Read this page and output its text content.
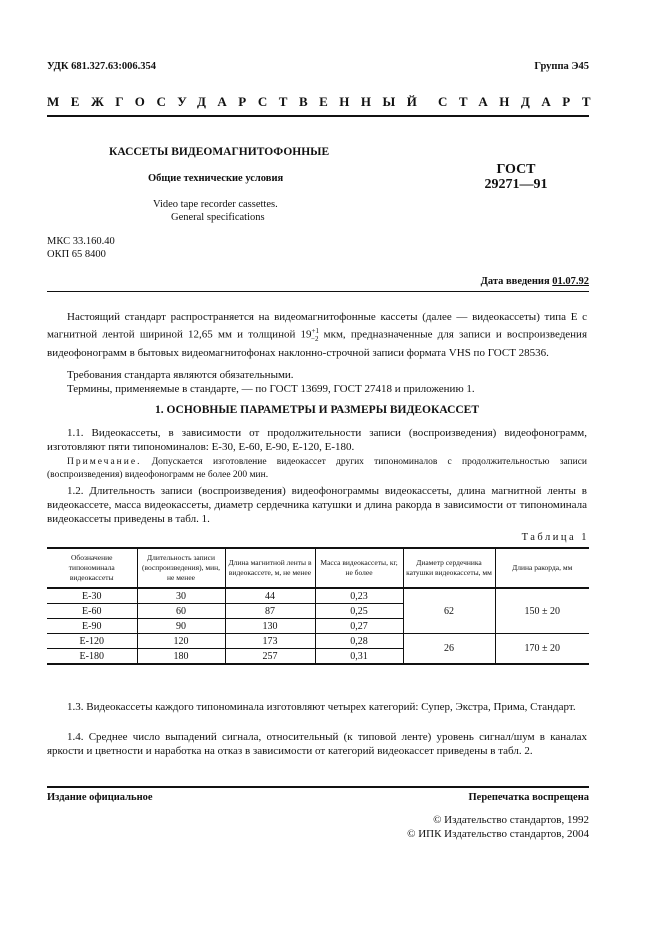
УДК 681.327.63:006.354	Группа Э45
МЕЖГОСУДАРСТВЕННЫЙ СТАНДАРТ
КАССЕТЫ ВИДЕОМАГНИТОФОННЫЕ
Общие технические условия
Video tape recorder cassettes.
General specifications
ГОСТ
29271—91
МКС 33.160.40
ОКП 65 8400
Дата введения 01.07.92

Настоящий стандарт распространяется на видеомагнитофонные кассеты (далее — видеокассеты) типа Е с магнитной лентой шириной 12,65 мм и толщиной $19^{+1}_{-2}$ мкм, предназначенные для записи и воспроизведения видеофонограмм в бытовых видеомагнитофонах наклонно-строчной записи формата VHS по ГОСТ 28536.

Требования стандарта являются обязательными.

Термины, применяемые в стандарте, — по ГОСТ 13699, ГОСТ 27418 и приложению 1.

1. ОСНОВНЫЕ ПАРАМЕТРЫ И РАЗМЕРЫ ВИДЕОКАССЕТ

1.1. Видеокассеты, в зависимости от продолжительности записи (воспроизведения) видеофонограмм, изготовляют пяти типономиналов: Е-30, Е-60, Е-90, Е-120, Е-180.

Примечание. Допускается изготовление видеокассет других типономиналов с продолжительностью записи (воспроизведения) видеофонограмм не более 200 мин.

1.2. Длительность записи (воспроизведения) видеофонограммы видеокассеты, длина магнитной ленты в видеокассете, масса видеокассеты, диаметр сердечника катушки и длина ракорда в зависимости от типономинала видеокассеты приведены в табл. 1.

Таблица 1
Обозначение типономинала видеокассеты	Длительность записи (воспроизведения), мин, не менее	Длина магнитной ленты в видеокассете, м, не менее	Масса видеокассеты, кг, не более	Диаметр сердечника катушки видеокассеты, мм	Длина ракорда, мм
Е-30	30	44	0,23	62	150 ± 20
Е-60	60	87	0,25		
Е-90	90	130	0,27		
Е-120	120	173	0,28	26	170 ± 20
Е-180	180	257	0,31		

1.3. Видеокассеты каждого типономинала изготовляют четырех категорий: Супер, Экстра, Прима, Стандарт.

1.4. Среднее число выпадений сигнала, относительный (к типовой ленте) уровень сигнал/шум в каналах яркости и цветности и наработка на отказ в зависимости от категорий видеокассет приведены в табл. 2.

Издание официальное	Перепечатка воспрещена
© Издательство стандартов, 1992
© ИПК Издательство стандартов, 2004
